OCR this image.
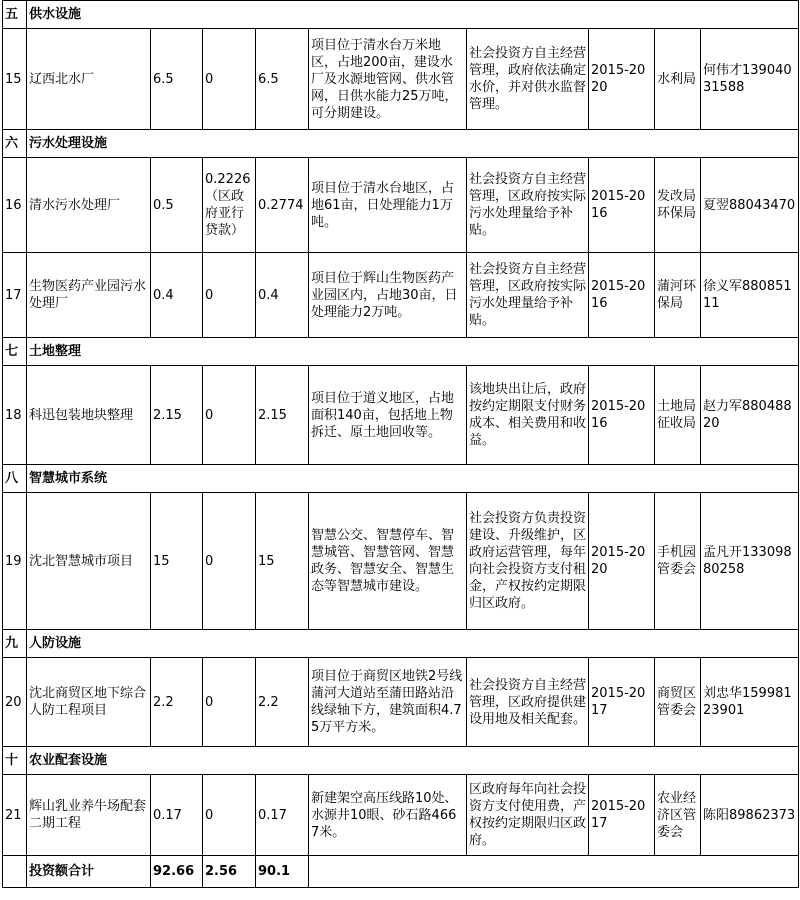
五	供水设施								
15	辽西北水厂	6.5	0	6.5	项目位于清水台万米地区，占地200亩，建设水厂及水源地管网、供水管网，日供水能力25万吨，可分期建设。	社会投资方自主经营管理，政府依法确定水价，并对供水监督管理。	2015-2020	水利局	何伟才13904031588
六	污水处理设施								
16	清水污水处理厂	0.5	0.2226（区政府亚行贷款）	0.2774	项目位于清水台地区，占地61亩，日处理能力1万吨。	社会投资方自主经营管理，区政府按实际污水处理量给予补贴。	2015-2016	发改局环保局	夏翌88043470
17	生物医药产业园污水处理厂	0.4	0	0.4	项目位于辉山生物医药产业园区内，占地30亩，日处理能力2万吨。	社会投资方自主经营管理，区政府按实际污水处理量给予补贴。	2015-2016	蒲河环保局	徐义军88085111
七	土地整理								
18	科迅包装地块整理	2.15	0	2.15	项目位于道义地区，占地面积140亩，包括地上物拆迁、原土地回收等。	该地块出让后，政府按约定期限支付财务成本、相关费用和收益。	2015-2016	土地局征收局	赵力军88048820
八	智慧城市系统								
19	沈北智慧城市项目	15	0	15	智慧公交、智慧停车、智慧城管、智慧管网、智慧政务、智慧安全、智慧生态等智慧城市建设。	社会投资方负责投资建设、升级维护，区政府运营管理，每年向社会投资方支付租金，产权按约定期限归区政府。	2015-2020	手机园管委会	孟凡开13309880258
九	人防设施								
20	沈北商贸区地下综合人防工程项目	2.2	0	2.2	项目位于商贸区地铁2号线蒲河大道站至蒲田路站沿线绿轴下方，建筑面积4.75万平方米。	社会投资方自主经营管理，区政府提供建设用地及相关配套。	2015-2017	商贸区管委会	刘忠华15998123901
十	农业配套设施								
21	辉山乳业养牛场配套二期工程	0.17	0	0.17	新建架空高压线路10处、水源井10眼、砂石路4667米。	区政府每年向社会投资方支付使用费，产权按约定期限归区政府。	2015-2017	农业经济区管委会	陈阳89862373
	投资额合计	92.66	2.56	90.1					
